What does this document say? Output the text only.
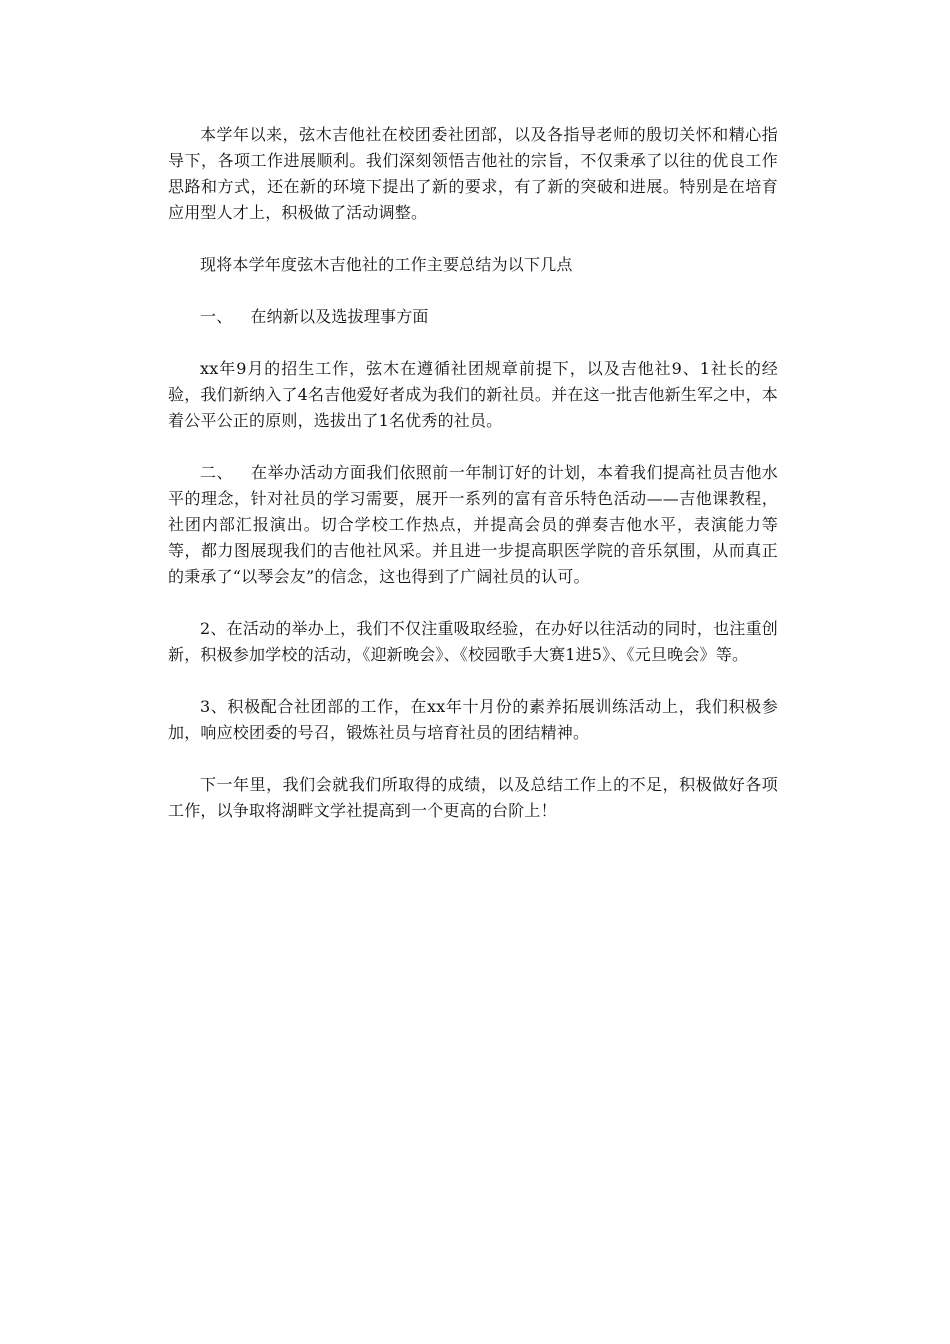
本学年以来，弦木吉他社在校团委社团部，以及各指导老师的殷切关怀和精心指导下，各项工作进展顺利。我们深刻领悟吉他社的宗旨，不仅秉承了以往的优良工作思路和方式，还在新的环境下提出了新的要求，有了新的突破和进展。特别是在培育应用型人才上，积极做了活动调整。

现将本学年度弦木吉他社的工作主要总结为以下几点

一、 在纳新以及选拔理事方面

xx年9月的招生工作，弦木在遵循社团规章前提下，以及吉他社9、1社长的经验，我们新纳入了4名吉他爱好者成为我们的新社员。并在这一批吉他新生军之中，本着公平公正的原则，选拔出了1名优秀的社员。

二、 在举办活动方面我们依照前一年制订好的计划，本着我们提高社员吉他水平的理念，针对社员的学习需要，展开一系列的富有音乐特色活动——吉他课教程，社团内部汇报演出。切合学校工作热点，并提高会员的弹奏吉他水平，表演能力等等，都力图展现我们的吉他社风采。并且进一步提高职医学院的音乐氛围，从而真正的秉承了“以琴会友”的信念，这也得到了广阔社员的认可。

2、在活动的举办上，我们不仅注重吸取经验，在办好以往活动的同时，也注重创新，积极参加学校的活动，《迎新晚会》、《校园歌手大赛1进5》、《元旦晚会》等。

3、积极配合社团部的工作，在xx年十月份的素养拓展训练活动上，我们积极参加，响应校团委的号召，锻炼社员与培育社员的团结精神。

下一年里，我们会就我们所取得的成绩，以及总结工作上的不足，积极做好各项工作，以争取将湖畔文学社提高到一个更高的台阶上！
